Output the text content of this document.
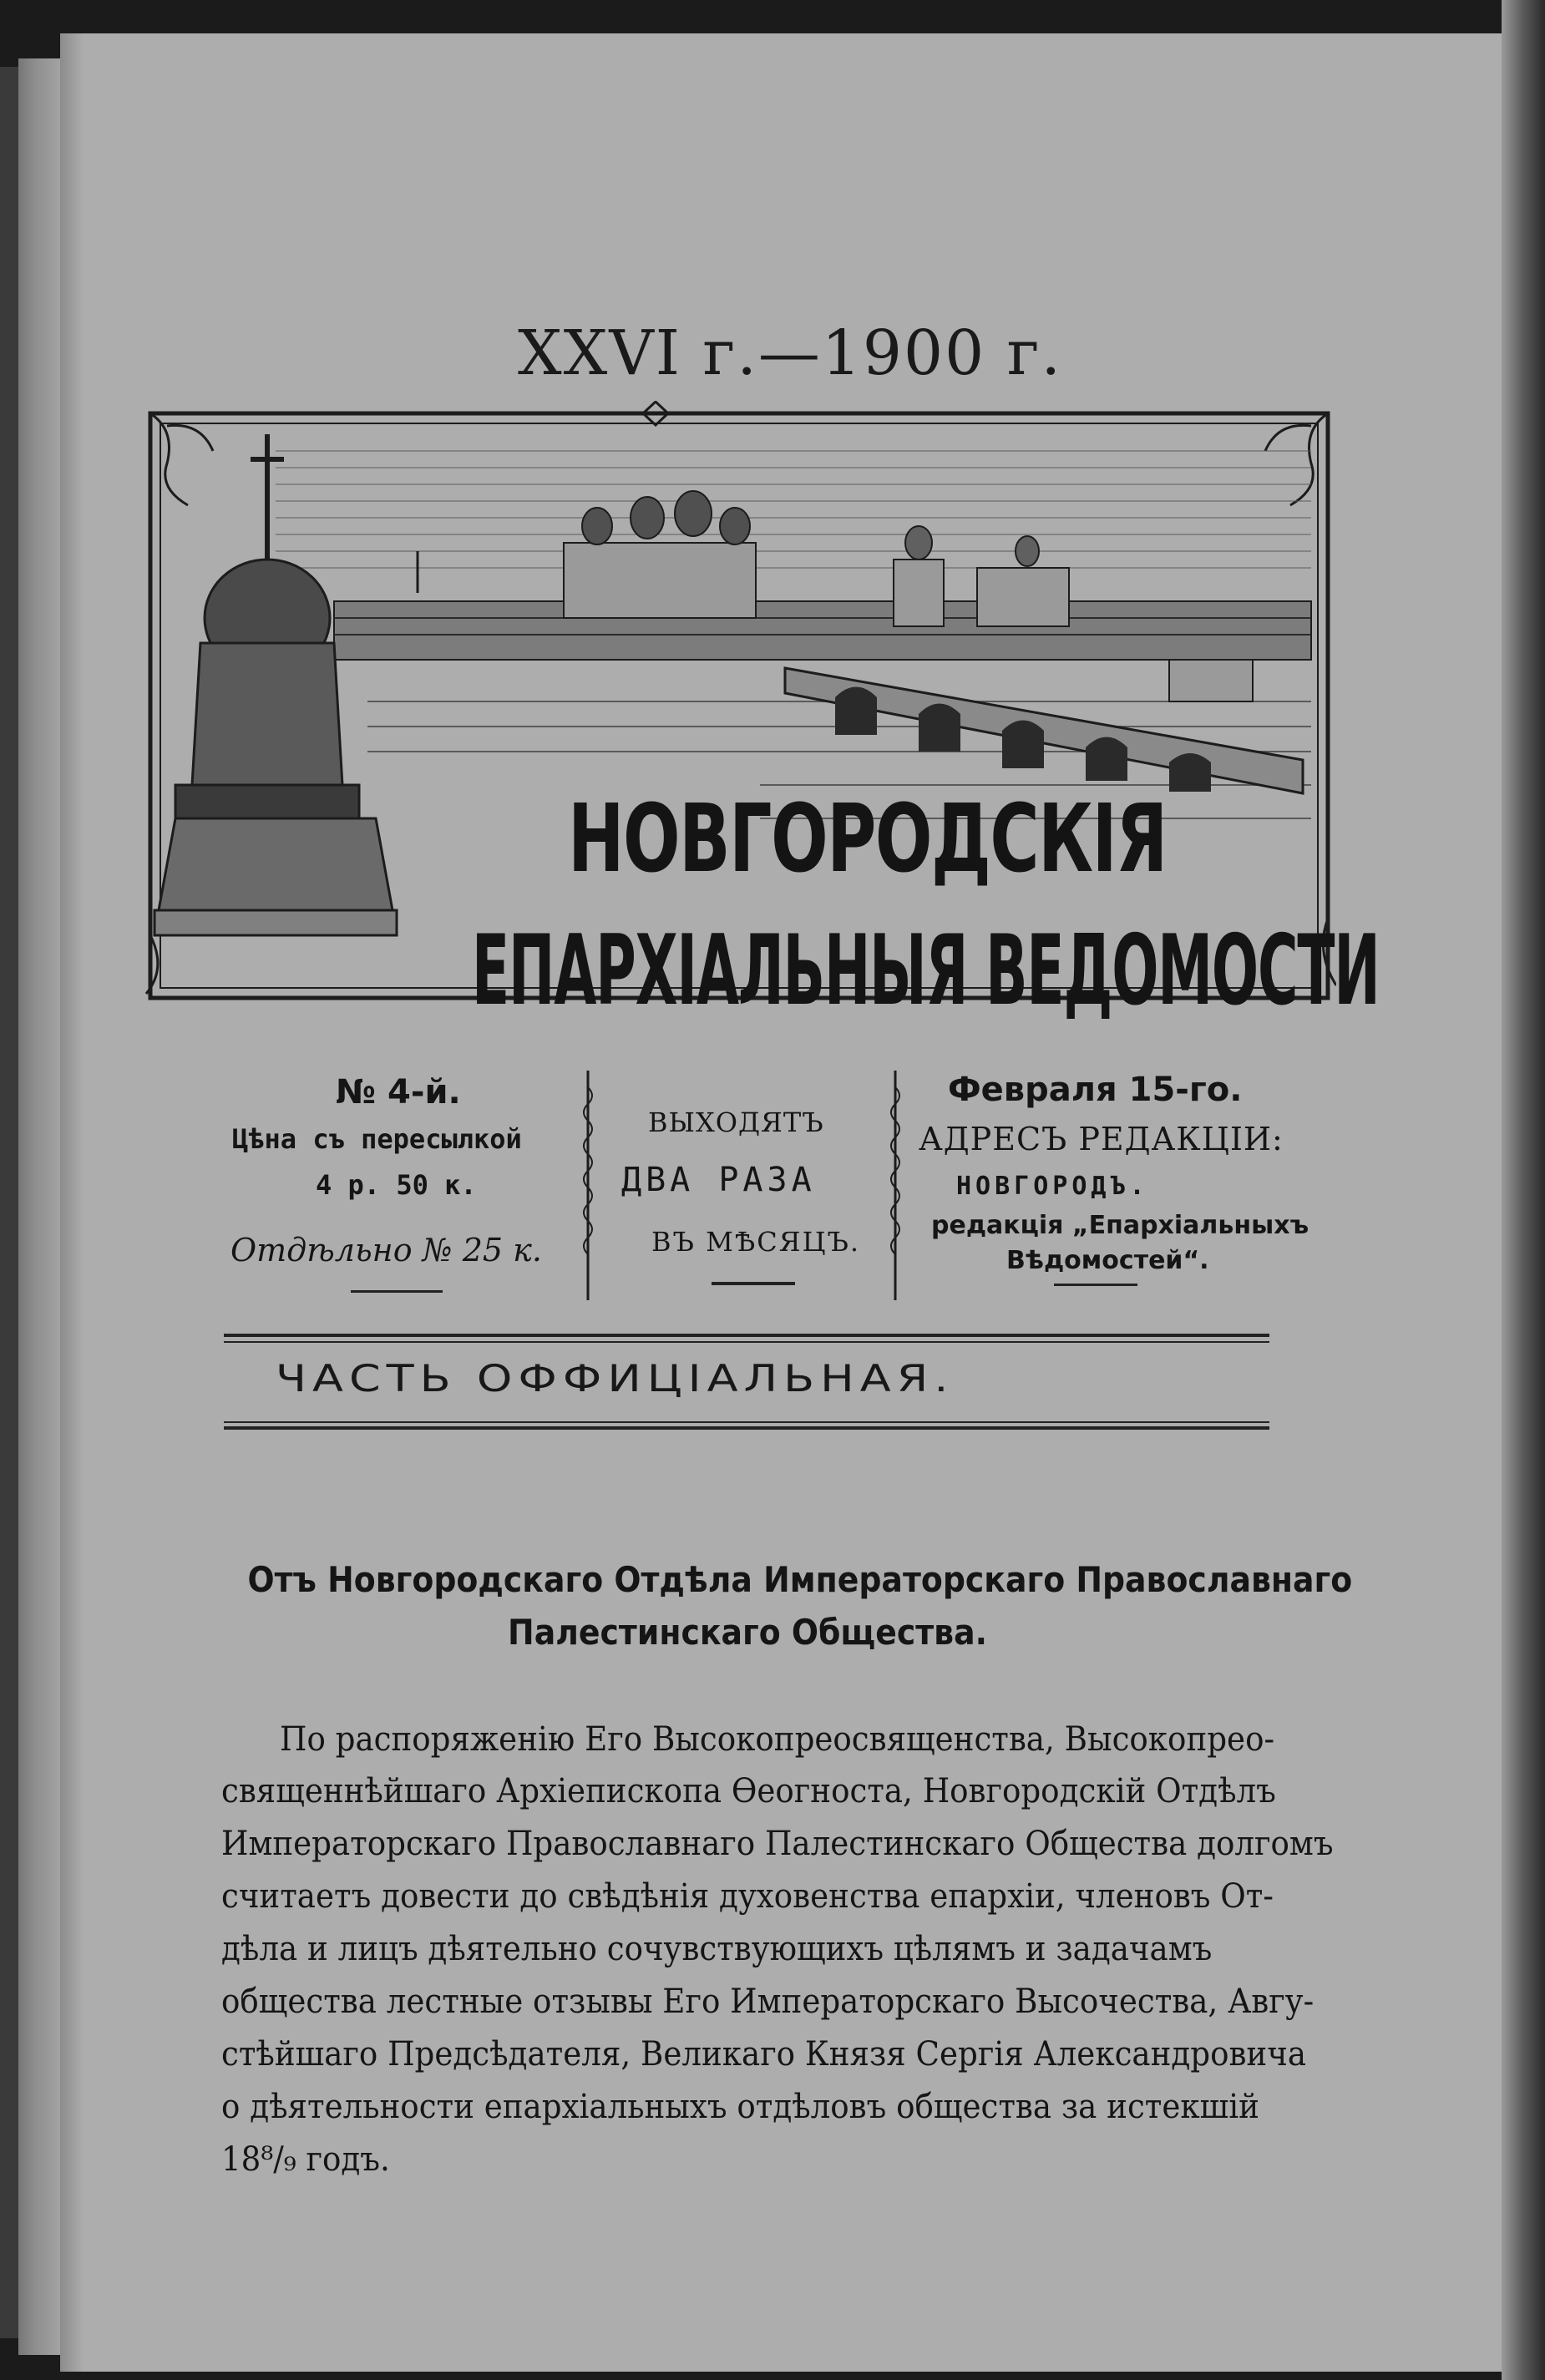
XXVI г.—1900 г.
НОВГОРОДСКІЯ
ЕПАРХІАЛЬНЫЯ ВЕДОМОСТИ
№ 4-й.
Цѣна съ пересылкой
4 р. 50 к.
Отдѣльно № 25 к.
ВЫХОДЯТЪ
ДВА РАЗА
ВЪ МѢСЯЦЪ.
Февраля 15-го.
АДРЕСЪ РЕДАКЦІИ:
НОВГОРОДЪ.
редакція „Епархіальныхъ
Вѣдомостей“.
ЧАСТЬ ОФФИЦІАЛЬНАЯ.
Отъ Новгородскаго Отдѣла Императорскаго Православнаго
Палестинскаго Общества.
По распоряженію Его Высокопреосвященства, Высокопрео-
священнѣйшаго Архіепископа Ѳеогноста, Новгородскій Отдѣлъ
Императорскаго Православнаго Палестинскаго Общества долгомъ
считаетъ довести до свѣдѣнія духовенства епархіи, членовъ От-
дѣла и лицъ дѣятельно сочувствующихъ цѣлямъ и задачамъ
общества лестные отзывы Его Императорскаго Высочества, Авгу-
стѣйшаго Предсѣдателя, Великаго Князя Сергія Александровича
о дѣятельности епархіальныхъ отдѣловъ общества за истекшій
18⁸/₉ годъ.
